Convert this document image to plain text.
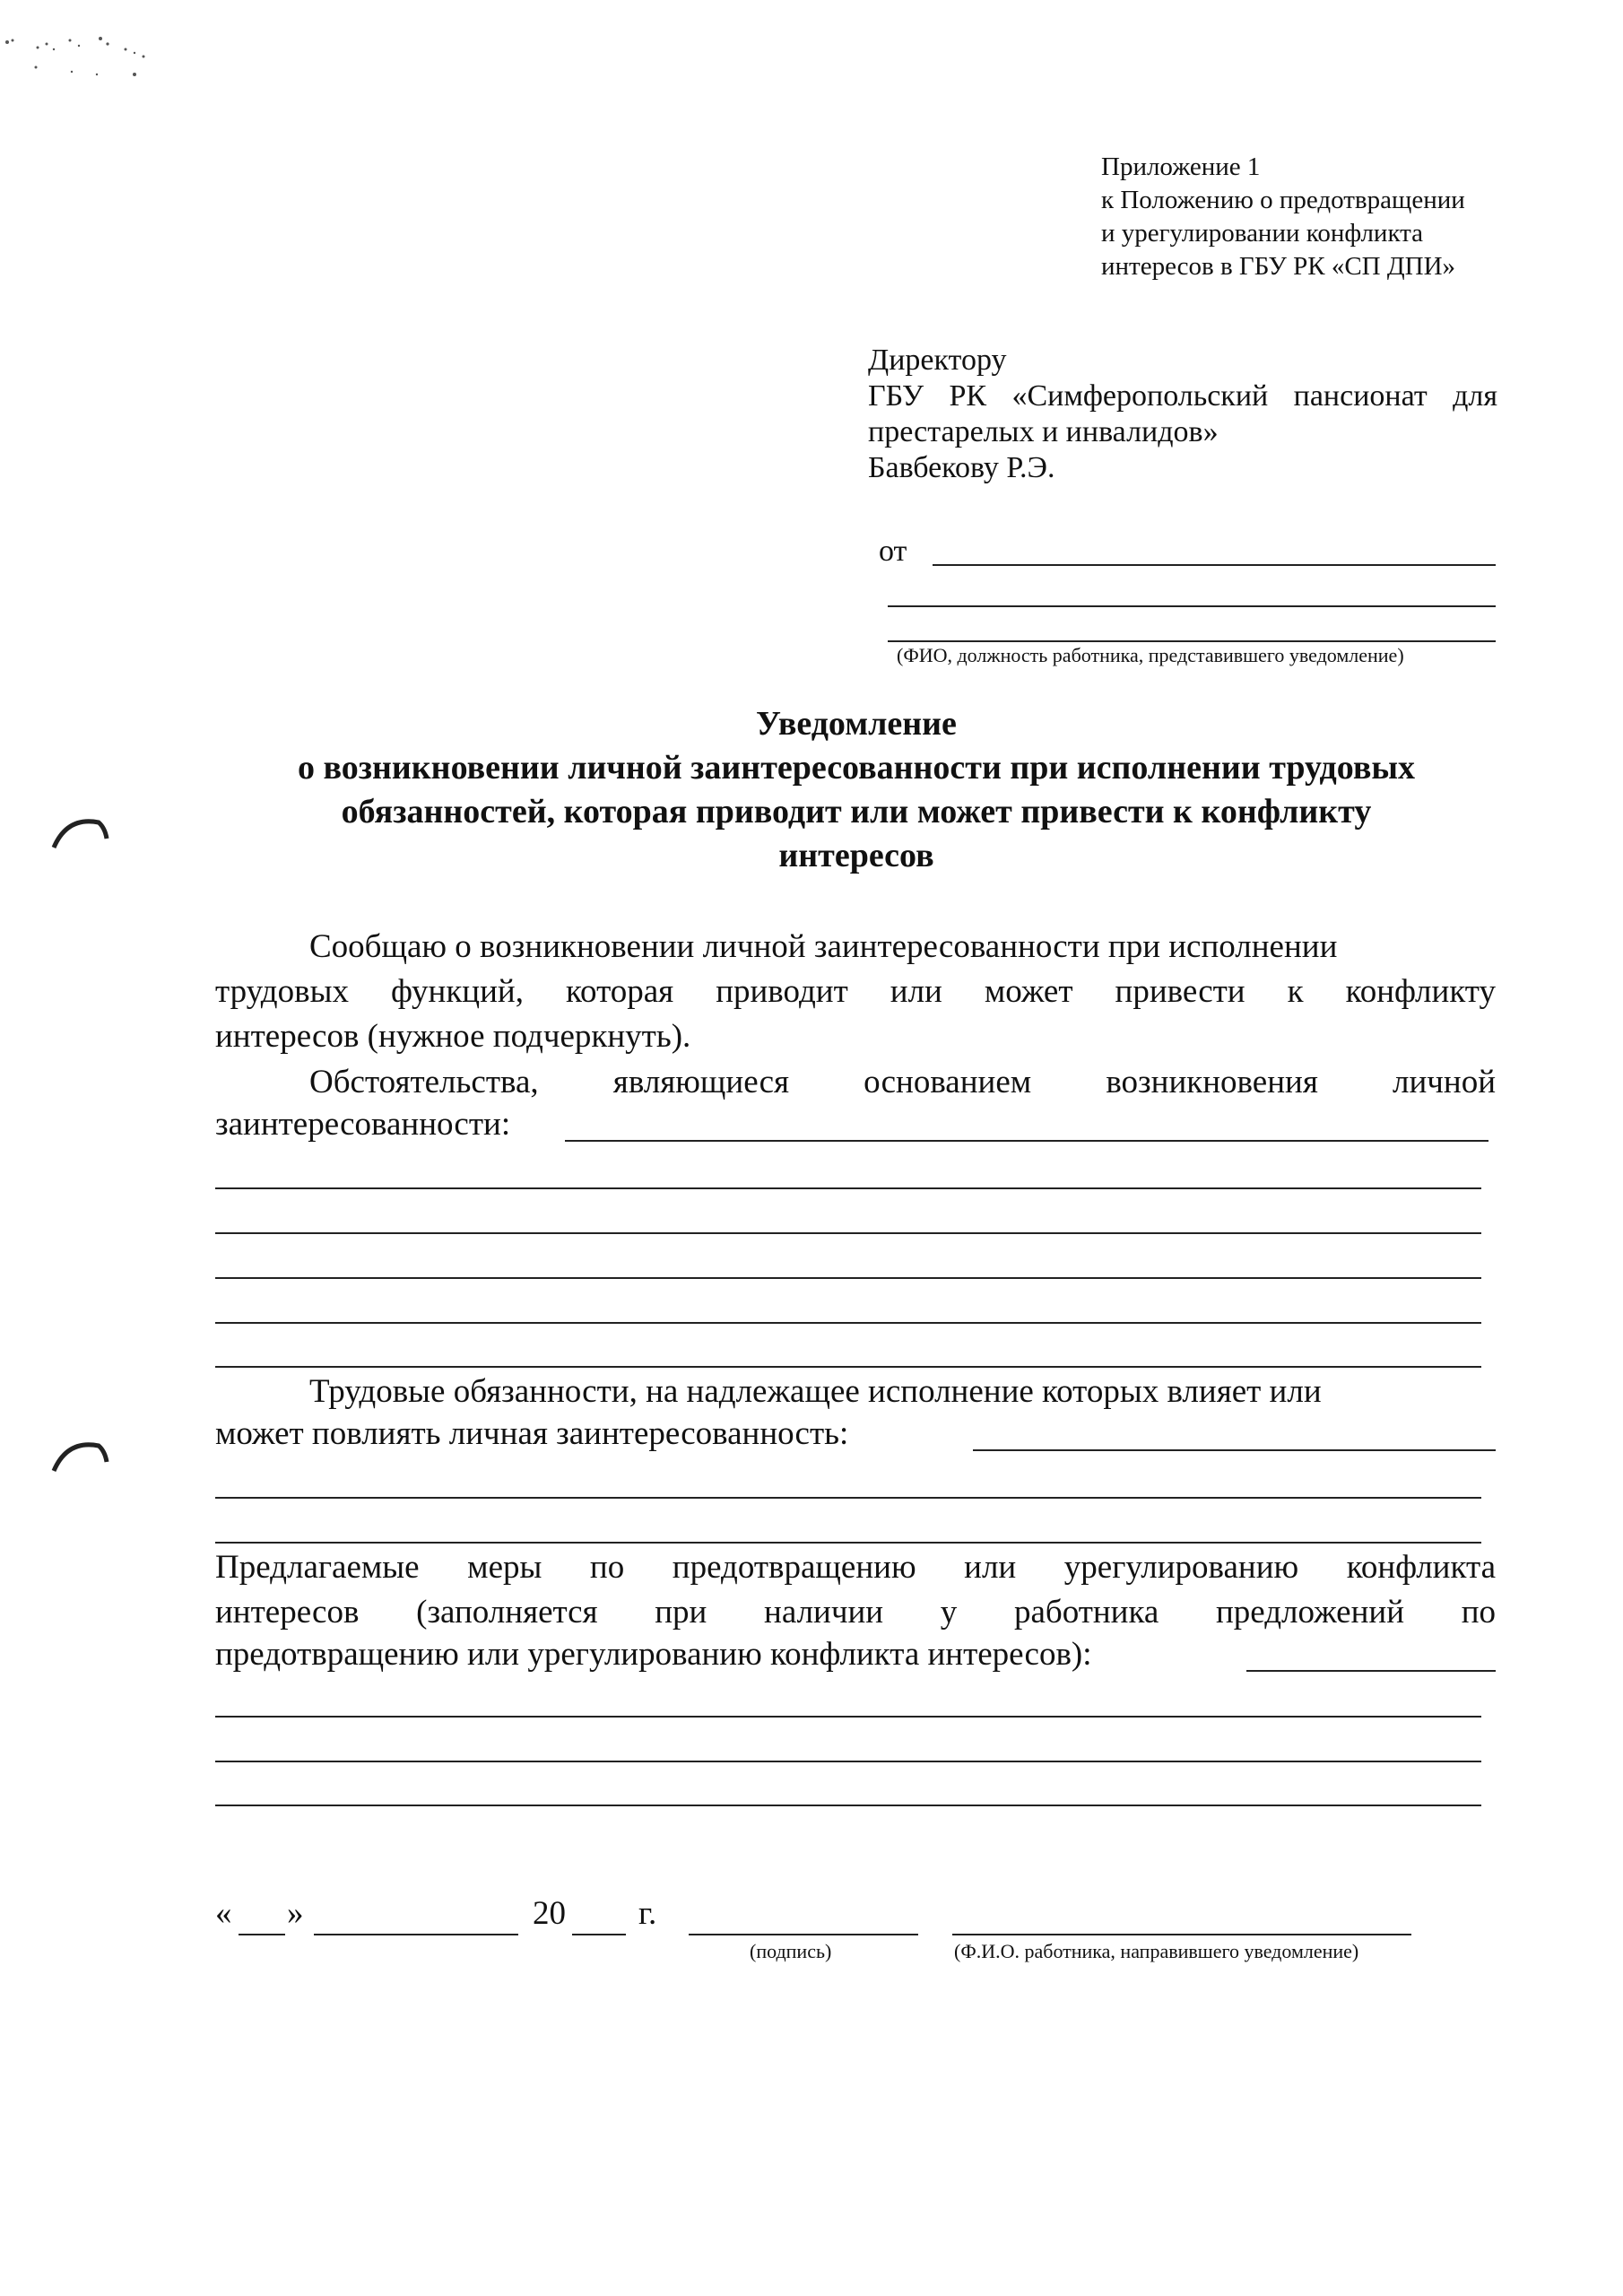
Приложение 1
к Положению о предотвращении
и урегулировании конфликта
интересов в ГБУ РК «СП ДПИ»
Директору
ГБУ РК «Симферопольский пансионат для
престарелых и инвалидов»
Бавбекову Р.Э.
от
(ФИО, должность работника, представившего уведомление)
Уведомление
о возникновении личной заинтересованности при исполнении трудовых
обязанностей, которая приводит или может привести к конфликту
интересов
Сообщаю о возникновении личной заинтересованности при исполнении
трудовых функций, которая приводит или может привести к конфликту
интересов (нужное подчеркнуть).
Обстоятельства, являющиеся основанием возникновения личной
заинтересованности:
Трудовые обязанности, на надлежащее исполнение которых влияет или
может повлиять личная заинтересованность:
Предлагаемые меры по предотвращению или урегулированию конфликта
интересов (заполняется при наличии у работника предложений по
предотвращению или урегулированию конфликта интересов):
« »	20 г.
(подпись)	(Ф.И.О. работника, направившего уведомление)
